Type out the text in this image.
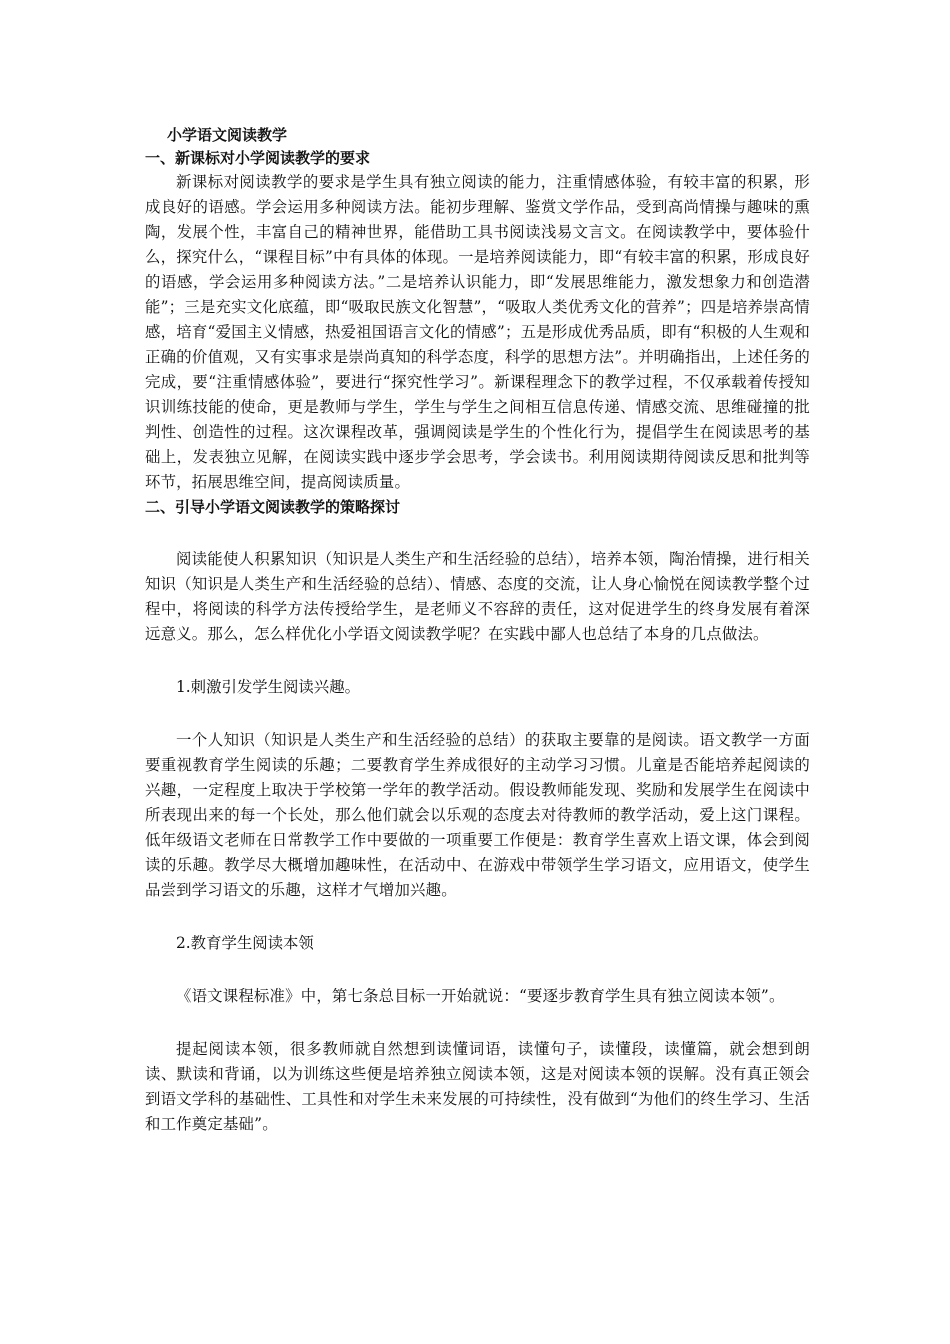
小学语文阅读教学

一、新课标对小学阅读教学的要求

新课标对阅读教学的要求是学生具有独立阅读的能力，注重情感体验，有较丰富的积累，形成良好的语感。学会运用多种阅读方法。能初步理解、鉴赏文学作品，受到高尚情操与趣味的熏陶，发展个性，丰富自己的精神世界，能借助工具书阅读浅易文言文。在阅读教学中，要体验什么，探究什么，“课程目标”中有具体的体现。一是培养阅读能力，即“有较丰富的积累，形成良好的语感，学会运用多种阅读方法。”二是培养认识能力，即“发展思维能力，激发想象力和创造潜能”；三是充实文化底蕴，即“吸取民族文化智慧”，“吸取人类优秀文化的营养”；四是培养崇高情感，培育“爱国主义情感，热爱祖国语言文化的情感”；五是形成优秀品质，即有“积极的人生观和正确的价值观，又有实事求是崇尚真知的科学态度，科学的思想方法”。并明确指出，上述任务的完成，要“注重情感体验”，要进行“探究性学习”。新课程理念下的教学过程，不仅承载着传授知识训练技能的使命，更是教师与学生，学生与学生之间相互信息传递、情感交流、思维碰撞的批判性、创造性的过程。这次课程改革，强调阅读是学生的个性化行为，提倡学生在阅读思考的基础上，发表独立见解，在阅读实践中逐步学会思考，学会读书。利用阅读期待阅读反思和批判等环节，拓展思维空间，提高阅读质量。

二、引导小学语文阅读教学的策略探讨

阅读能使人积累知识（知识是人类生产和生活经验的总结），培养本领，陶治情操，进行相关知识（知识是人类生产和生活经验的总结）、情感、态度的交流，让人身心愉悦在阅读教学整个过程中，将阅读的科学方法传授给学生，是老师义不容辞的责任，这对促进学生的终身发展有着深远意义。那么，怎么样优化小学语文阅读教学呢？在实践中鄙人也总结了本身的几点做法。

1.刺激引发学生阅读兴趣。

一个人知识（知识是人类生产和生活经验的总结）的获取主要靠的是阅读。语文教学一方面要重视教育学生阅读的乐趣；二要教育学生养成很好的主动学习习惯。儿童是否能培养起阅读的兴趣，一定程度上取决于学校第一学年的教学活动。假设教师能发现、奖励和发展学生在阅读中所表现出来的每一个长处，那么他们就会以乐观的态度去对待教师的教学活动，爱上这门课程。低年级语文老师在日常教学工作中要做的一项重要工作便是：教育学生喜欢上语文课，体会到阅读的乐趣。教学尽大概增加趣味性，在活动中、在游戏中带领学生学习语文，应用语文，使学生品尝到学习语文的乐趣，这样才气增加兴趣。

2.教育学生阅读本领

《语文课程标准》中，第七条总目标一开始就说：“要逐步教育学生具有独立阅读本领”。

提起阅读本领，很多教师就自然想到读懂词语，读懂句子，读懂段，读懂篇，就会想到朗读、默读和背诵，以为训练这些便是培养独立阅读本领，这是对阅读本领的误解。没有真正领会到语文学科的基础性、工具性和对学生未来发展的可持续性，没有做到“为他们的终生学习、生活和工作奠定基础”。
